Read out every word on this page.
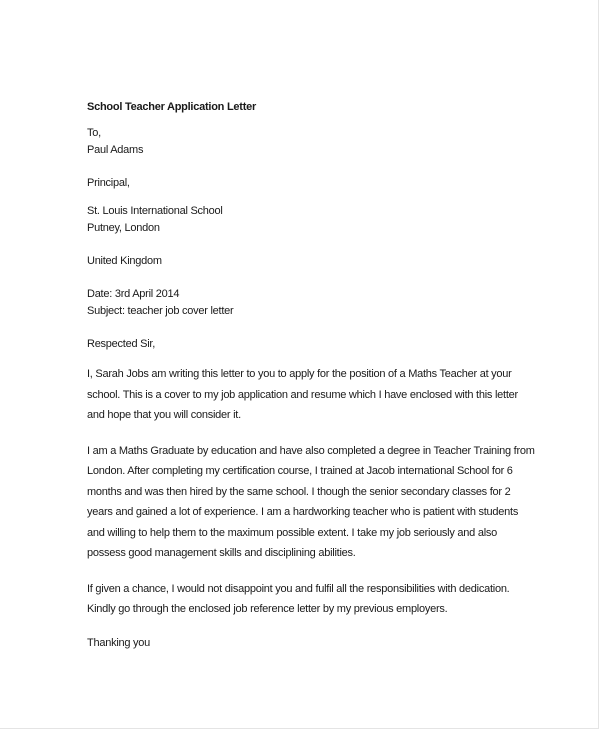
School Teacher Application Letter
To,
Paul Adams
Principal,
St. Louis International School
Putney, London
United Kingdom
Date: 3rd April 2014
Subject: teacher job cover letter
Respected Sir,
I, Sarah Jobs am writing this letter to you to apply for the position of a Maths Teacher at your
school. This is a cover to my job application and resume which I have enclosed with this letter
and hope that you will consider it.
I am a Maths Graduate by education and have also completed a degree in Teacher Training from
London. After completing my certification course, I trained at Jacob international School for 6
months and was then hired by the same school. I though the senior secondary classes for 2
years and gained a lot of experience. I am a hardworking teacher who is patient with students
and willing to help them to the maximum possible extent. I take my job seriously and also
possess good management skills and disciplining abilities.
If given a chance, I would not disappoint you and fulfil all the responsibilities with dedication.
Kindly go through the enclosed job reference letter by my previous employers.
Thanking you
